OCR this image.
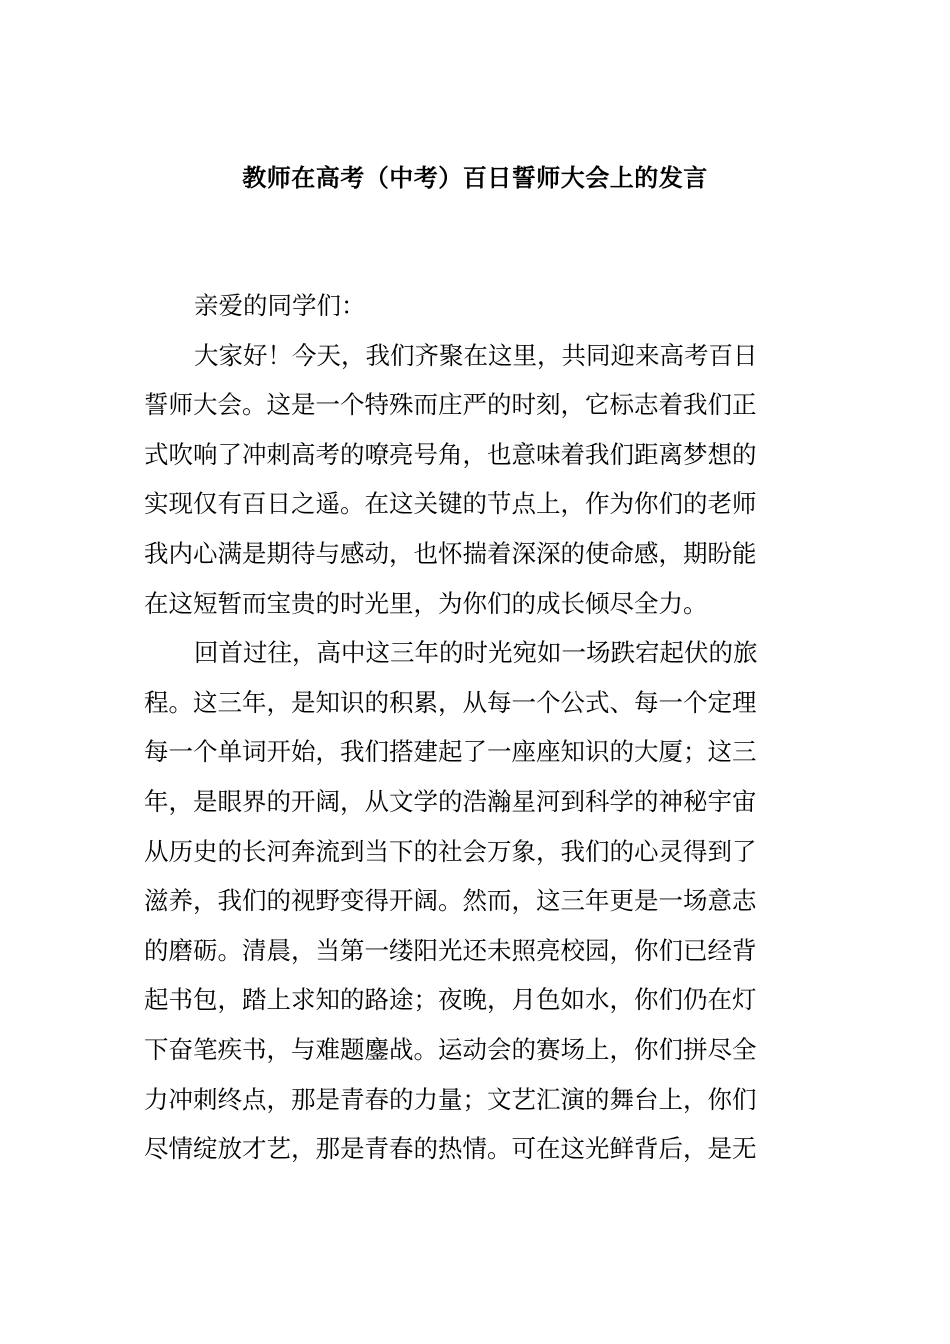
教师在高考（中考）百日誓师大会上的发言
亲爱的同学们：
大家好！今天，我们齐聚在这里，共同迎来高考百日
誓师大会。这是一个特殊而庄严的时刻，它标志着我们正
式吹响了冲刺高考的嘹亮号角，也意味着我们距离梦想的
实现仅有百日之遥。在这关键的节点上，作为你们的老师
我内心满是期待与感动，也怀揣着深深的使命感，期盼能
在这短暂而宝贵的时光里，为你们的成长倾尽全力。
回首过往，高中这三年的时光宛如一场跌宕起伏的旅
程。这三年，是知识的积累，从每一个公式、每一个定理
每一个单词开始，我们搭建起了一座座知识的大厦；这三
年，是眼界的开阔，从文学的浩瀚星河到科学的神秘宇宙
从历史的长河奔流到当下的社会万象，我们的心灵得到了
滋养，我们的视野变得开阔。然而，这三年更是一场意志
的磨砺。清晨，当第一缕阳光还未照亮校园，你们已经背
起书包，踏上求知的路途；夜晚，月色如水，你们仍在灯
下奋笔疾书，与难题鏖战。运动会的赛场上，你们拼尽全
力冲刺终点，那是青春的力量；文艺汇演的舞台上，你们
尽情绽放才艺，那是青春的热情。可在这光鲜背后，是无
